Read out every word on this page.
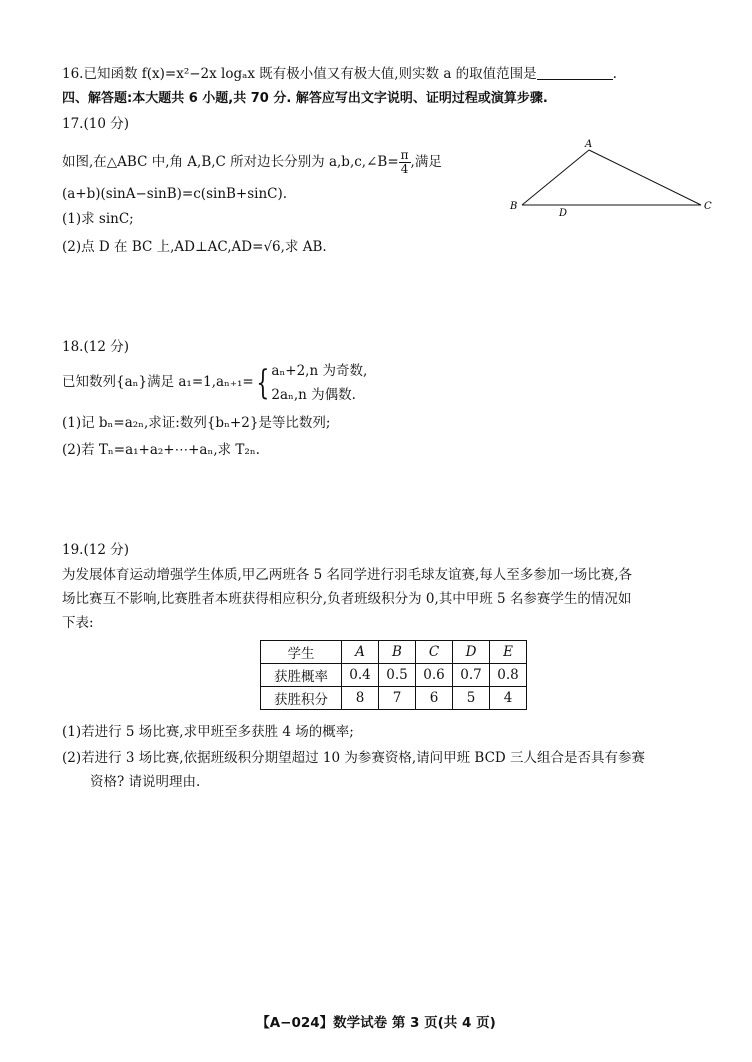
16.已知函数 f(x)=x²−2x logₐx 既有极小值又有极大值,则实数 a 的取值范围是	.
四、解答题:本大题共 6 小题,共 70 分. 解答应写出文字说明、证明过程或演算步骤.
17.(10 分)
如图,在△ABC 中,角 A,B,C 所对边长分别为 a,b,c,∠B= $\frac{\pi}{4}$ ,满足
(a+b)(sinA−sinB)=c(sinB+sinC).
(1)求 sinC;
(2)点 D 在 BC 上,AD⊥AC,AD=√6,求 AB.
A
B	C
D
18.(12 分)
已知数列{aₙ}满足 a₁=1,aₙ₊₁={ aₙ+2,n 为奇数,
2aₙ,n 为偶数.
(1)记 bₙ=a₂ₙ,求证:数列{bₙ+2}是等比数列;
(2)若 Tₙ=a₁+a₂+⋯+aₙ,求 T₂ₙ.
19.(12 分)
为发展体育运动增强学生体质,甲乙两班各 5 名同学进行羽毛球友谊赛,每人至多参加一场比赛,各
场比赛互不影响,比赛胜者本班获得相应积分,负者班级积分为 0,其中甲班 5 名参赛学生的情况如
下表:
学生	A	B	C	D	E
获胜概率	0.4	0.5	0.6	0.7	0.8
获胜积分	8	7	6	5	4
(1)若进行 5 场比赛,求甲班至多获胜 4 场的概率;
(2)若进行 3 场比赛,依据班级积分期望超过 10 为参赛资格,请问甲班 BCD 三人组合是否具有参赛
资格? 请说明理由.
【A−024】数学试卷 第 3 页(共 4 页)
